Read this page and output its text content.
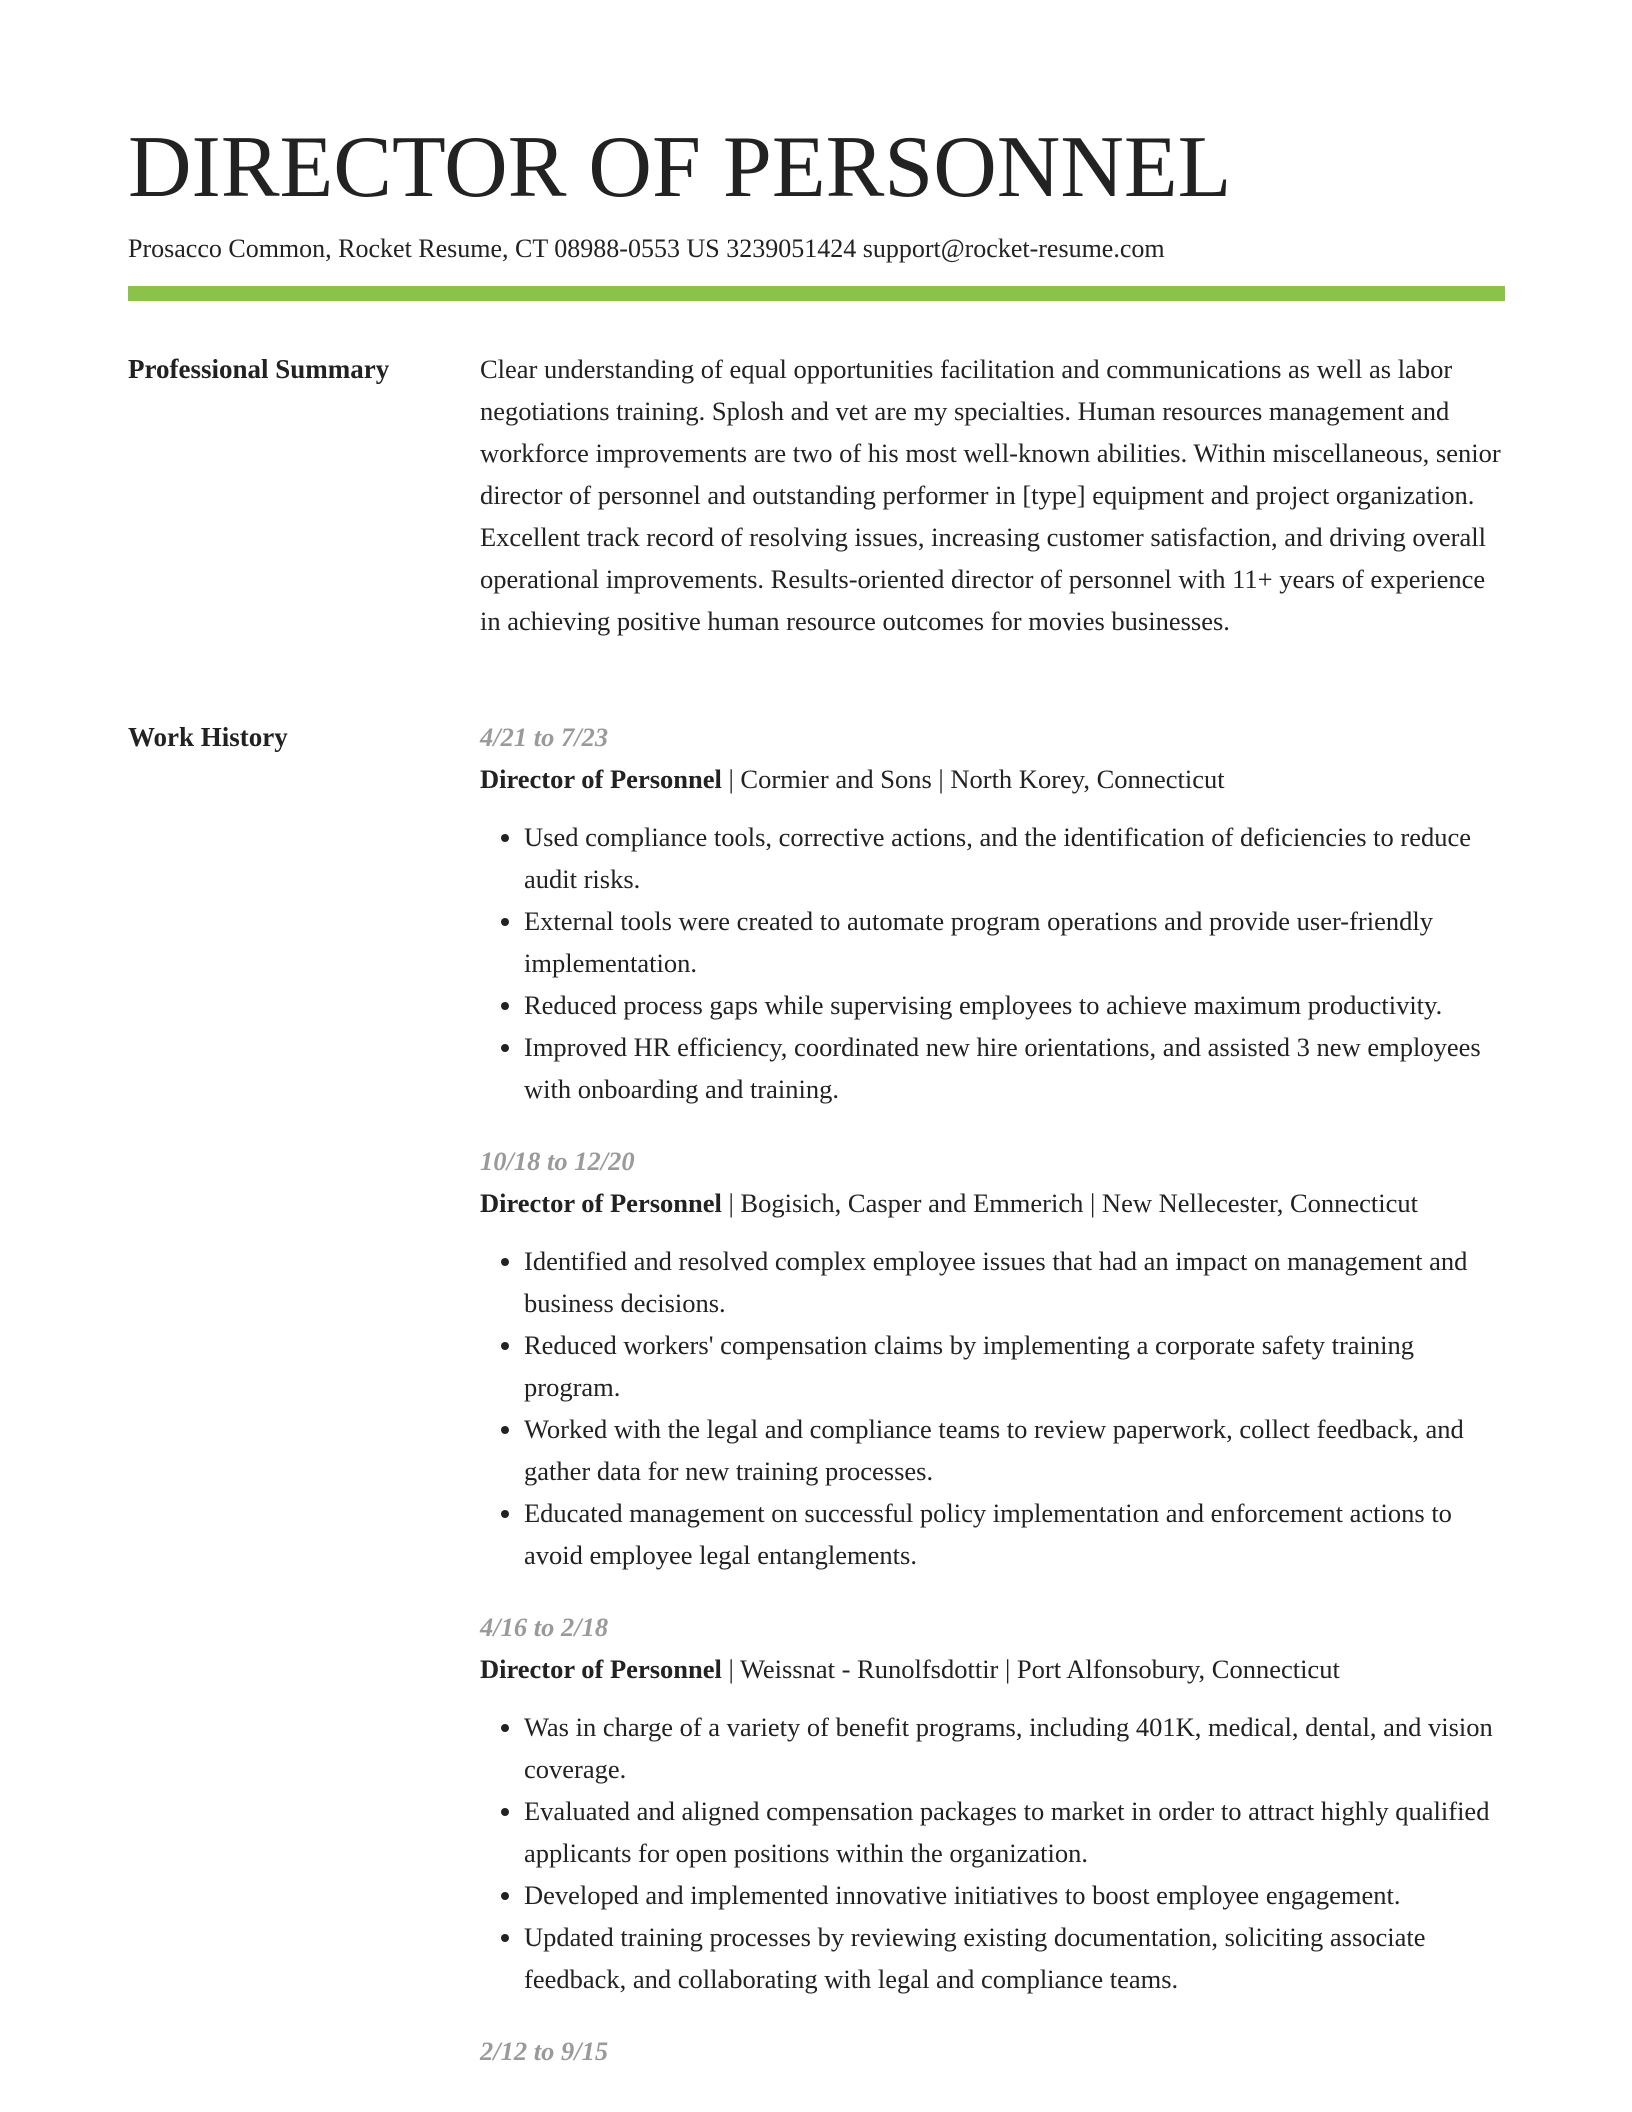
DIRECTOR OF PERSONNEL
Prosacco Common, Rocket Resume, CT 08988-0553 US 3239051424 support@rocket-resume.com
Professional Summary	Clear understanding of equal opportunities facilitation and communications as well as labor negotiations training. Splosh and vet are my specialties. Human resources management and workforce improvements are two of his most well-known abilities. Within miscellaneous, senior director of personnel and outstanding performer in [type] equipment and project organization. Excellent track record of resolving issues, increasing customer satisfaction, and driving overall operational improvements. Results-oriented director of personnel with 11+ years of experience in achieving positive human resource outcomes for movies businesses.

Work History	4/21 to 7/23
Director of Personnel | Cormier and Sons | North Korey, Connecticut
• Used compliance tools, corrective actions, and the identification of deficiencies to reduce audit risks.
• External tools were created to automate program operations and provide user-friendly implementation.
• Reduced process gaps while supervising employees to achieve maximum productivity.
• Improved HR efficiency, coordinated new hire orientations, and assisted 3 new employees with onboarding and training.
10/18 to 12/20
Director of Personnel | Bogisich, Casper and Emmerich | New Nellecester, Connecticut
• Identified and resolved complex employee issues that had an impact on management and business decisions.
• Reduced workers' compensation claims by implementing a corporate safety training program.
• Worked with the legal and compliance teams to review paperwork, collect feedback, and gather data for new training processes.
• Educated management on successful policy implementation and enforcement actions to avoid employee legal entanglements.
4/16 to 2/18
Director of Personnel | Weissnat - Runolfsdottir | Port Alfonsobury, Connecticut
• Was in charge of a variety of benefit programs, including 401K, medical, dental, and vision coverage.
• Evaluated and aligned compensation packages to market in order to attract highly qualified applicants for open positions within the organization.
• Developed and implemented innovative initiatives to boost employee engagement.
• Updated training processes by reviewing existing documentation, soliciting associate feedback, and collaborating with legal and compliance teams.
2/12 to 9/15
